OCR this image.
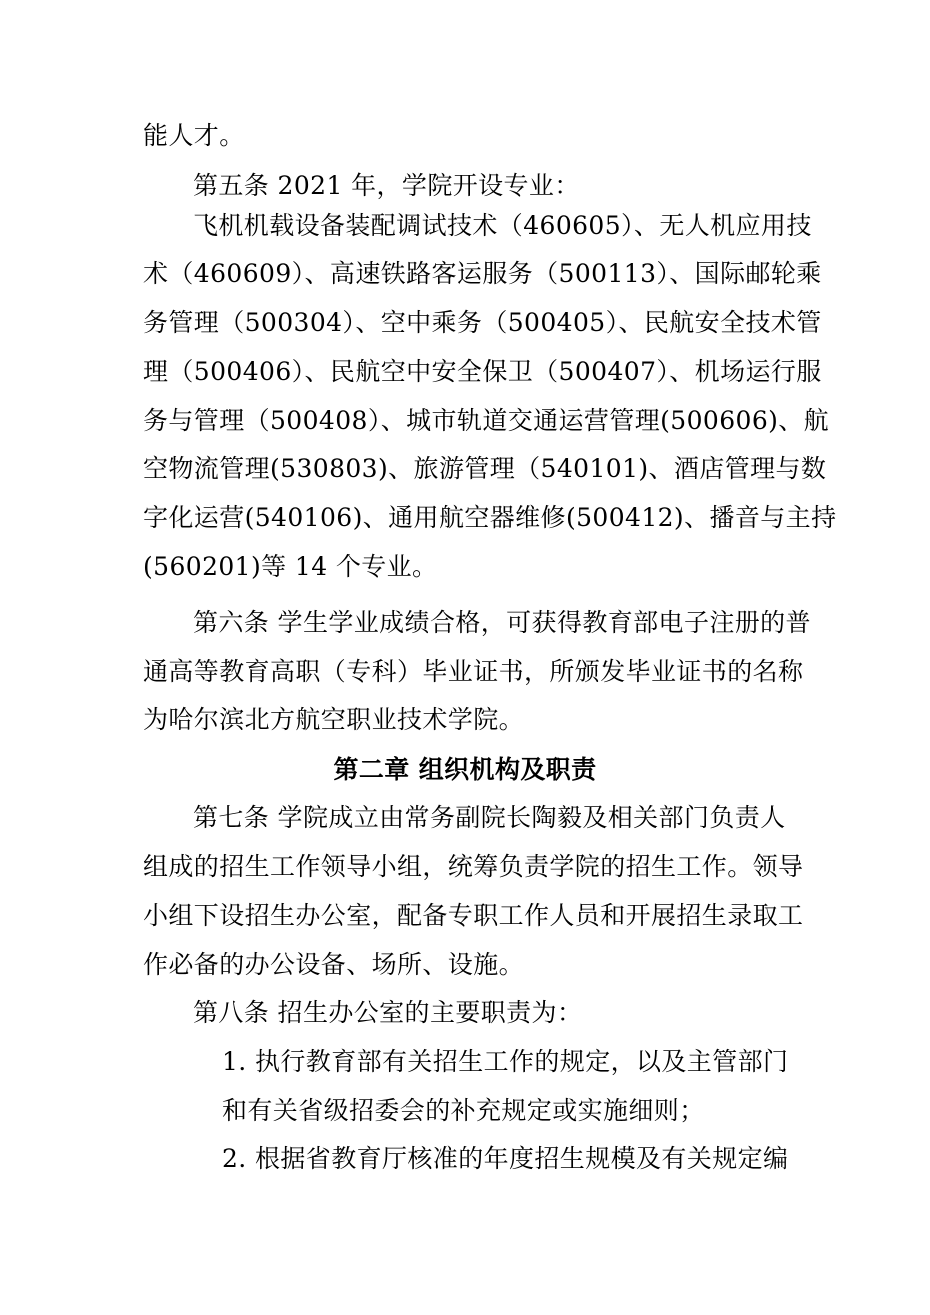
能人才。
第五条 2021 年，学院开设专业：
飞机机载设备装配调试技术（460605）、无人机应用技
术（460609）、高速铁路客运服务（500113）、国际邮轮乘
务管理（500304）、空中乘务（500405）、民航安全技术管
理（500406）、民航空中安全保卫（500407）、机场运行服
务与管理（500408）、城市轨道交通运营管理(500606)、航
空物流管理(530803)、旅游管理（540101)、酒店管理与数
字化运营(540106)、通用航空器维修(500412)、播音与主持
(560201)等 14 个专业。
第六条 学生学业成绩合格，可获得教育部电子注册的普
通高等教育高职（专科）毕业证书，所颁发毕业证书的名称
为哈尔滨北方航空职业技术学院。
第二章 组织机构及职责
第七条 学院成立由常务副院长陶毅及相关部门负责人
组成的招生工作领导小组，统筹负责学院的招生工作。领导
小组下设招生办公室，配备专职工作人员和开展招生录取工
作必备的办公设备、场所、设施。
第八条 招生办公室的主要职责为：
1. 执行教育部有关招生工作的规定，以及主管部门
和有关省级招委会的补充规定或实施细则；
2. 根据省教育厅核准的年度招生规模及有关规定编
